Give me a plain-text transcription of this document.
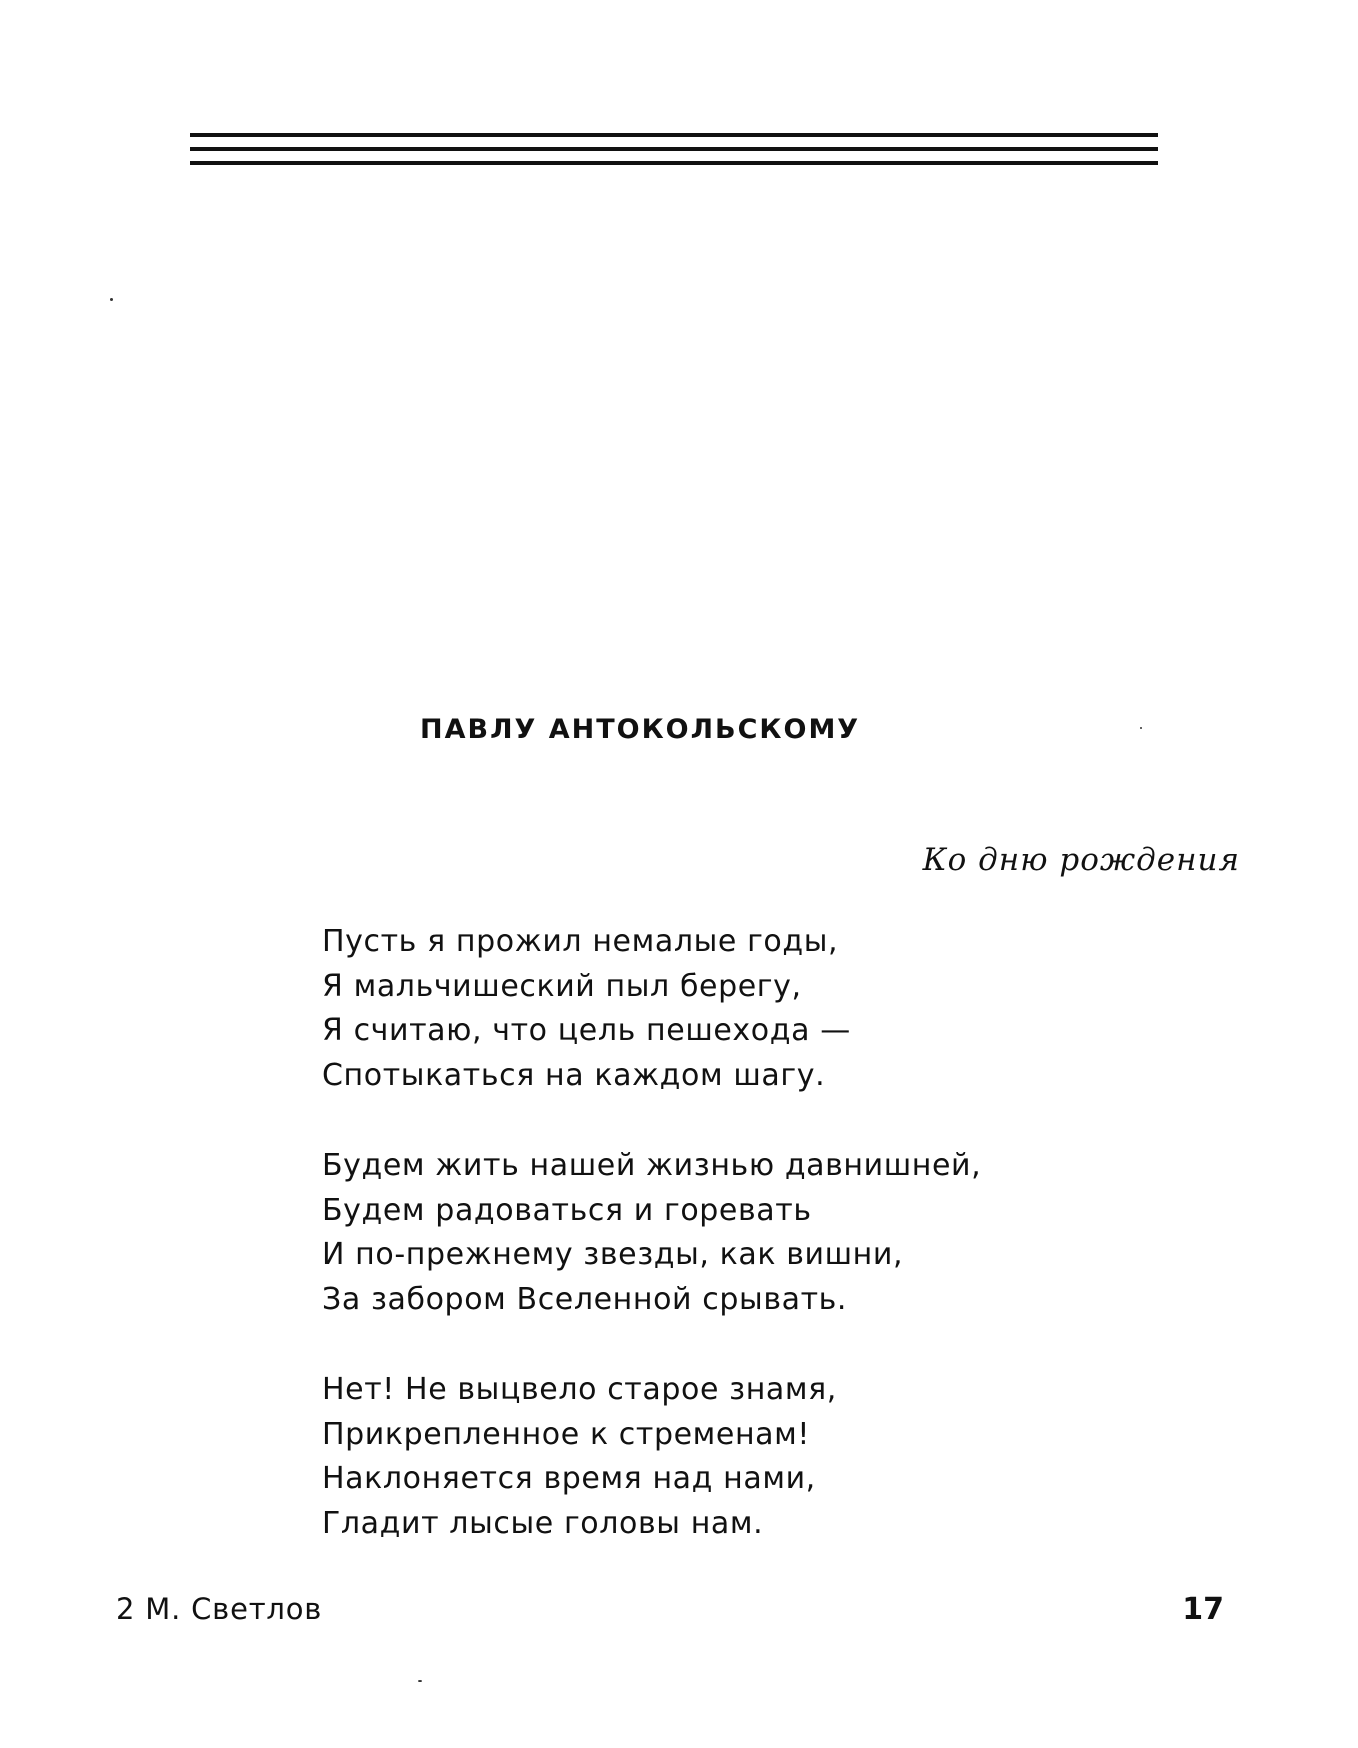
ПАВЛУ АНТОКОЛЬСКОМУ
Ко дню рождения
Пусть я прожил немалые годы,
Я мальчишеский пыл берегу,
Я считаю, что цель пешехода —
Спотыкаться на каждом шагу.
Будем жить нашей жизнью давнишней,
Будем радоваться и горевать
И по-прежнему звезды, как вишни,
За забором Вселенной срывать.
Нет! Не выцвело старое знамя,
Прикрепленное к стременам!
Наклоняется время над нами,
Гладит лысые головы нам.
2 М. Светлов	17
